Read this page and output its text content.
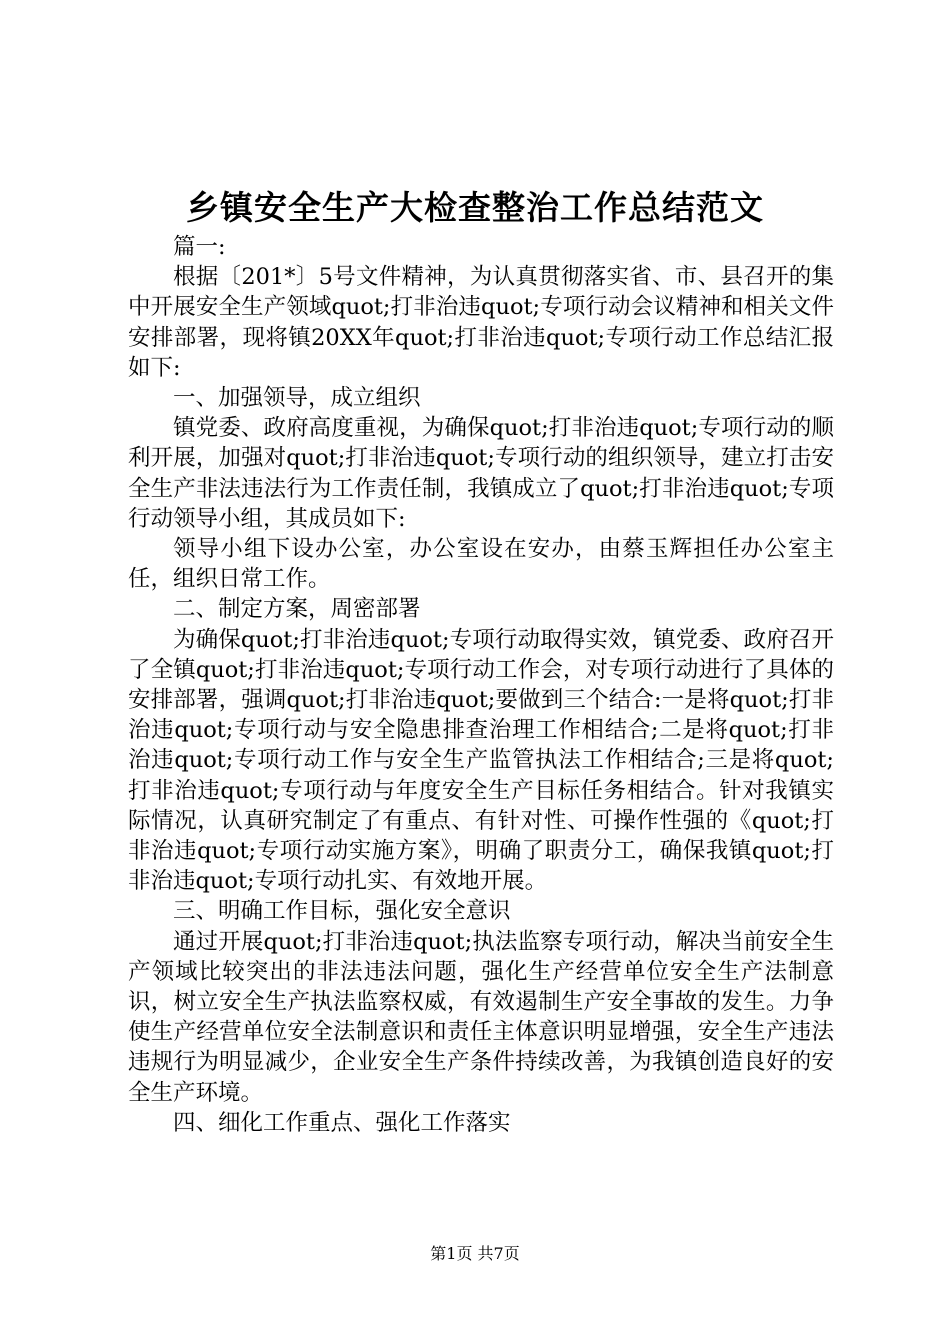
乡镇安全生产大检查整治工作总结范文

篇一:

根据〔201*〕5号文件精神，为认真贯彻落实省、市、县召开的集中开展安全生产领域quot;打非治违quot;专项行动会议精神和相关文件安排部署，现将镇20XX年quot;打非治违quot;专项行动工作总结汇报如下:

一、加强领导，成立组织

镇党委、政府高度重视，为确保quot;打非治违quot;专项行动的顺利开展，加强对quot;打非治违quot;专项行动的组织领导，建立打击安全生产非法违法行为工作责任制，我镇成立了quot;打非治违quot;专项行动领导小组，其成员如下:

领导小组下设办公室，办公室设在安办，由蔡玉辉担任办公室主任，组织日常工作。

二、制定方案，周密部署

为确保quot;打非治违quot;专项行动取得实效，镇党委、政府召开了全镇quot;打非治违quot;专项行动工作会，对专项行动进行了具体的安排部署，强调quot;打非治违quot;要做到三个结合:一是将quot;打非治违quot;专项行动与安全隐患排查治理工作相结合;二是将quot;打非治违quot;专项行动工作与安全生产监管执法工作相结合;三是将quot;打非治违quot;专项行动与年度安全生产目标任务相结合。针对我镇实际情况，认真研究制定了有重点、有针对性、可操作性强的《quot;打非治违quot;专项行动实施方案》，明确了职责分工，确保我镇quot;打非治违quot;专项行动扎实、有效地开展。

三、明确工作目标，强化安全意识

通过开展quot;打非治违quot;执法监察专项行动，解决当前安全生产领域比较突出的非法违法问题，强化生产经营单位安全生产法制意识，树立安全生产执法监察权威，有效遏制生产安全事故的发生。力争使生产经营单位安全法制意识和责任主体意识明显增强，安全生产违法违规行为明显减少，企业安全生产条件持续改善，为我镇创造良好的安全生产环境。

四、细化工作重点、强化工作落实

第1页 共7页
